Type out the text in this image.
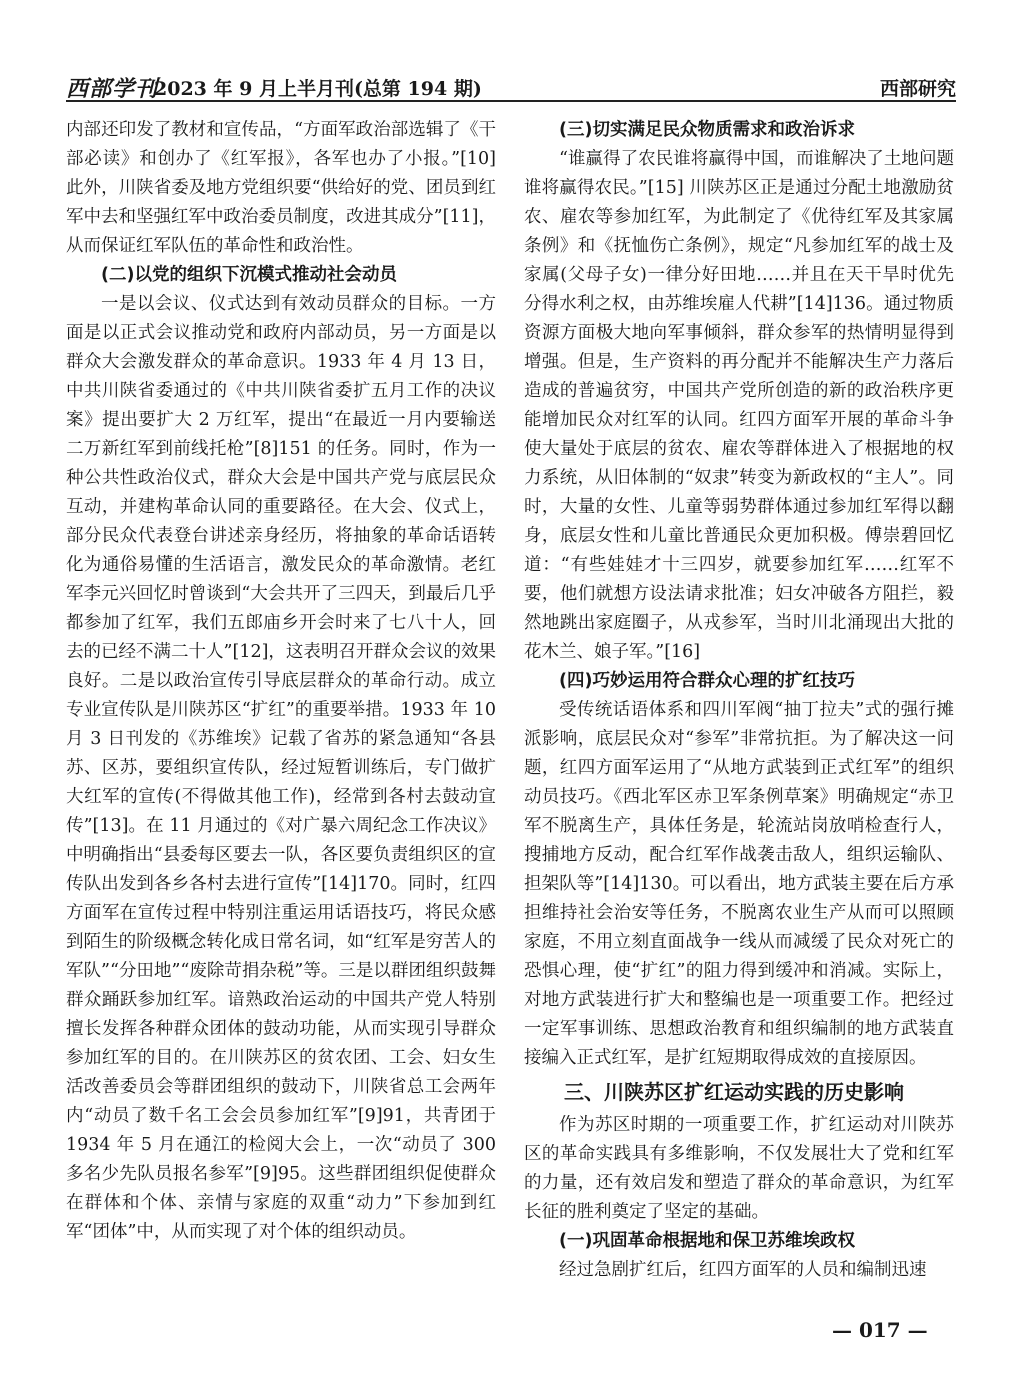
西部学刊
2023 年 9 月上半月刊(总第 194 期)	西部研究

内部还印发了教材和宣传品，“方面军政治部选辑了《干部必读》和创办了《红军报》，各军也办了小报。”[10] 此外，川陕省委及地方党组织要“供给好的党、团员到红军中去和坚强红军中政治委员制度，改进其成分”[11]，从而保证红军队伍的革命性和政治性。

(二)以党的组织下沉模式推动社会动员

一是以会议、仪式达到有效动员群众的目标。一方面是以正式会议推动党和政府内部动员，另一方面是以群众大会激发群众的革命意识。1933 年 4 月 13 日，中共川陕省委通过的《中共川陕省委扩五月工作的决议案》提出要扩大 2 万红军，提出“在最近一月内要输送二万新红军到前线托枪”[8]151 的任务。同时，作为一种公共性政治仪式，群众大会是中国共产党与底层民众互动，并建构革命认同的重要路径。在大会、仪式上，部分民众代表登台讲述亲身经历，将抽象的革命话语转化为通俗易懂的生活语言，激发民众的革命激情。老红军李元兴回忆时曾谈到“大会共开了三四天，到最后几乎都参加了红军，我们五郎庙乡开会时来了七八十人，回去的已经不满二十人”[12]，这表明召开群众会议的效果良好。二是以政治宣传引导底层群众的革命行动。成立专业宣传队是川陕苏区“扩红”的重要举措。1933 年 10 月 3 日刊发的《苏维埃》记载了省苏的紧急通知“各县苏、区苏，要组织宣传队，经过短暂训练后，专门做扩大红军的宣传(不得做其他工作)，经常到各村去鼓动宣传”[13]。在 11 月通过的《对广暴六周纪念工作决议》中明确指出“县委每区要去一队，各区要负责组织区的宣传队出发到各乡各村去进行宣传”[14]170。同时，红四方面军在宣传过程中特别注重运用话语技巧，将民众感到陌生的阶级概念转化成日常名词，如“红军是穷苦人的军队”“分田地”“废除苛捐杂税”等。三是以群团组织鼓舞群众踊跃参加红军。谙熟政治运动的中国共产党人特别擅长发挥各种群众团体的鼓动功能，从而实现引导群众参加红军的目的。在川陕苏区的贫农团、工会、妇女生活改善委员会等群团组织的鼓动下，川陕省总工会两年内“动员了数千名工会会员参加红军”[9]91，共青团于 1934 年 5 月在通江的检阅大会上，一次“动员了 300 多名少先队员报名参军”[9]95。这些群团组织促使群众在群体和个体、亲情与家庭的双重“动力”下参加到红军“团体”中，从而实现了对个体的组织动员。

(三)切实满足民众物质需求和政治诉求

“谁赢得了农民谁将赢得中国，而谁解决了土地问题谁将赢得农民。”[15] 川陕苏区正是通过分配土地激励贫农、雇农等参加红军，为此制定了《优待红军及其家属条例》和《抚恤伤亡条例》，规定“凡参加红军的战士及家属(父母子女)一律分好田地……并且在天干旱时优先分得水利之权，由苏维埃雇人代耕”[14]136。通过物质资源方面极大地向军事倾斜，群众参军的热情明显得到增强。但是，生产资料的再分配并不能解决生产力落后造成的普遍贫穷，中国共产党所创造的新的政治秩序更能增加民众对红军的认同。红四方面军开展的革命斗争使大量处于底层的贫农、雇农等群体进入了根据地的权力系统，从旧体制的“奴隶”转变为新政权的“主人”。同时，大量的女性、儿童等弱势群体通过参加红军得以翻身，底层女性和儿童比普通民众更加积极。傅崇碧回忆道：“有些娃娃才十三四岁，就要参加红军……红军不要，他们就想方设法请求批准；妇女冲破各方阻拦，毅然地跳出家庭圈子，从戎参军，当时川北涌现出大批的花木兰、娘子军。”[16]

(四)巧妙运用符合群众心理的扩红技巧

受传统话语体系和四川军阀“抽丁拉夫”式的强行摊派影响，底层民众对“参军”非常抗拒。为了解决这一问题，红四方面军运用了“从地方武装到正式红军”的组织动员技巧。《西北军区赤卫军条例草案》明确规定“赤卫军不脱离生产，具体任务是，轮流站岗放哨检查行人，搜捕地方反动，配合红军作战袭击敌人，组织运输队、担架队等”[14]130。可以看出，地方武装主要在后方承担维持社会治安等任务，不脱离农业生产从而可以照顾家庭，不用立刻直面战争一线从而减缓了民众对死亡的恐惧心理，使“扩红”的阻力得到缓冲和消减。实际上，对地方武装进行扩大和整编也是一项重要工作。把经过一定军事训练、思想政治教育和组织编制的地方武装直接编入正式红军，是扩红短期取得成效的直接原因。

三、川陕苏区扩红运动实践的历史影响

作为苏区时期的一项重要工作，扩红运动对川陕苏区的革命实践具有多维影响，不仅发展壮大了党和红军的力量，还有效启发和塑造了群众的革命意识，为红军长征的胜利奠定了坚定的基础。

(一)巩固革命根据地和保卫苏维埃政权

经过急剧扩红后，红四方面军的人员和编制迅速

— 017 —
